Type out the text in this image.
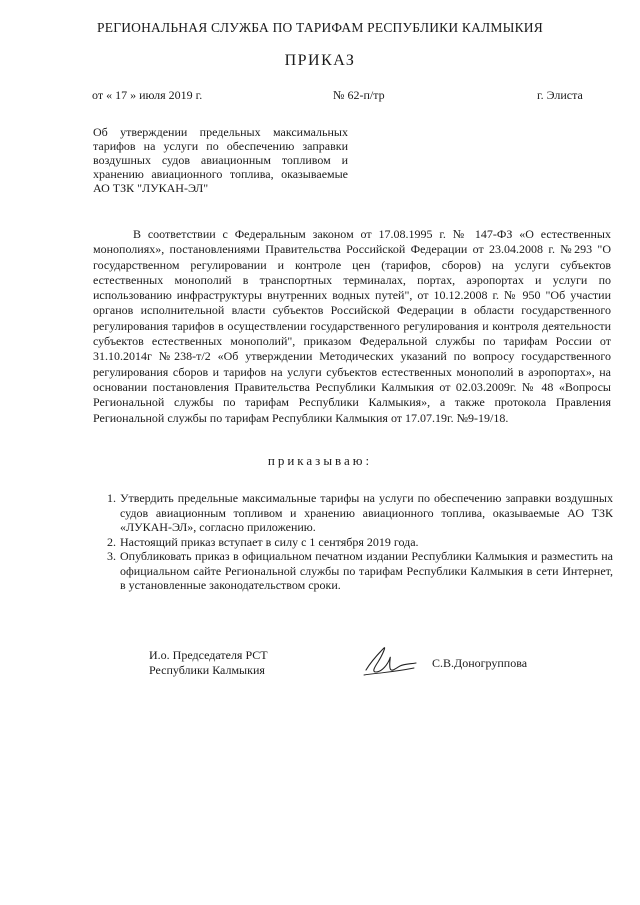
РЕГИОНАЛЬНАЯ СЛУЖБА ПО ТАРИФАМ РЕСПУБЛИКИ КАЛМЫКИЯ
ПРИКАЗ
от « 17 » июля 2019 г.	№ 62-п/тр	г. Элиста
Об утверждении предельных максимальных тарифов на услуги по обеспечению заправки воздушных судов авиационным топливом и хранению авиационного топлива, оказываемые АО ТЗК "ЛУКАН-ЭЛ"
В соответствии с Федеральным законом от 17.08.1995 г. № 147-ФЗ «О естественных монополиях», постановлениями Правительства Российской Федерации от 23.04.2008 г. №293 "О государственном регулировании и контроле цен (тарифов, сборов) на услуги субъектов естественных монополий в транспортных терминалах, портах, аэропортах и услуги по использованию инфраструктуры внутренних водных путей", от 10.12.2008 г. № 950 "Об участии органов исполнительной власти субъектов Российской Федерации в области государственного регулирования тарифов в осуществлении государственного регулирования и контроля деятельности субъектов естественных монополий", приказом Федеральной службы по тарифам России от 31.10.2014г №238-т/2 «Об утверждении Методических указаний по вопросу государственного регулирования сборов и тарифов на услуги субъектов естественных монополий в аэропортах», на основании постановления Правительства Республики Калмыкия от 02.03.2009г. № 48 «Вопросы Региональной службы по тарифам Республики Калмыкия», а также протокола Правления Региональной службы по тарифам Республики Калмыкия от 17.07.19г. №9-19/18.
приказываю:
1. Утвердить предельные максимальные тарифы на услуги по обеспечению заправки воздушных судов авиационным топливом и хранению авиационного топлива, оказываемые АО ТЗК «ЛУКАН-ЭЛ», согласно приложению.
2. Настоящий приказ вступает в силу с 1 сентября 2019 года.
3. Опубликовать приказ в официальном печатном издании Республики Калмыкия и разместить на официальном сайте Региональной службы по тарифам Республики Калмыкия в сети Интернет, в установленные законодательством сроки.
И.о. Председателя РСТ
Республики Калмыкия	С.В.Доногруппова
